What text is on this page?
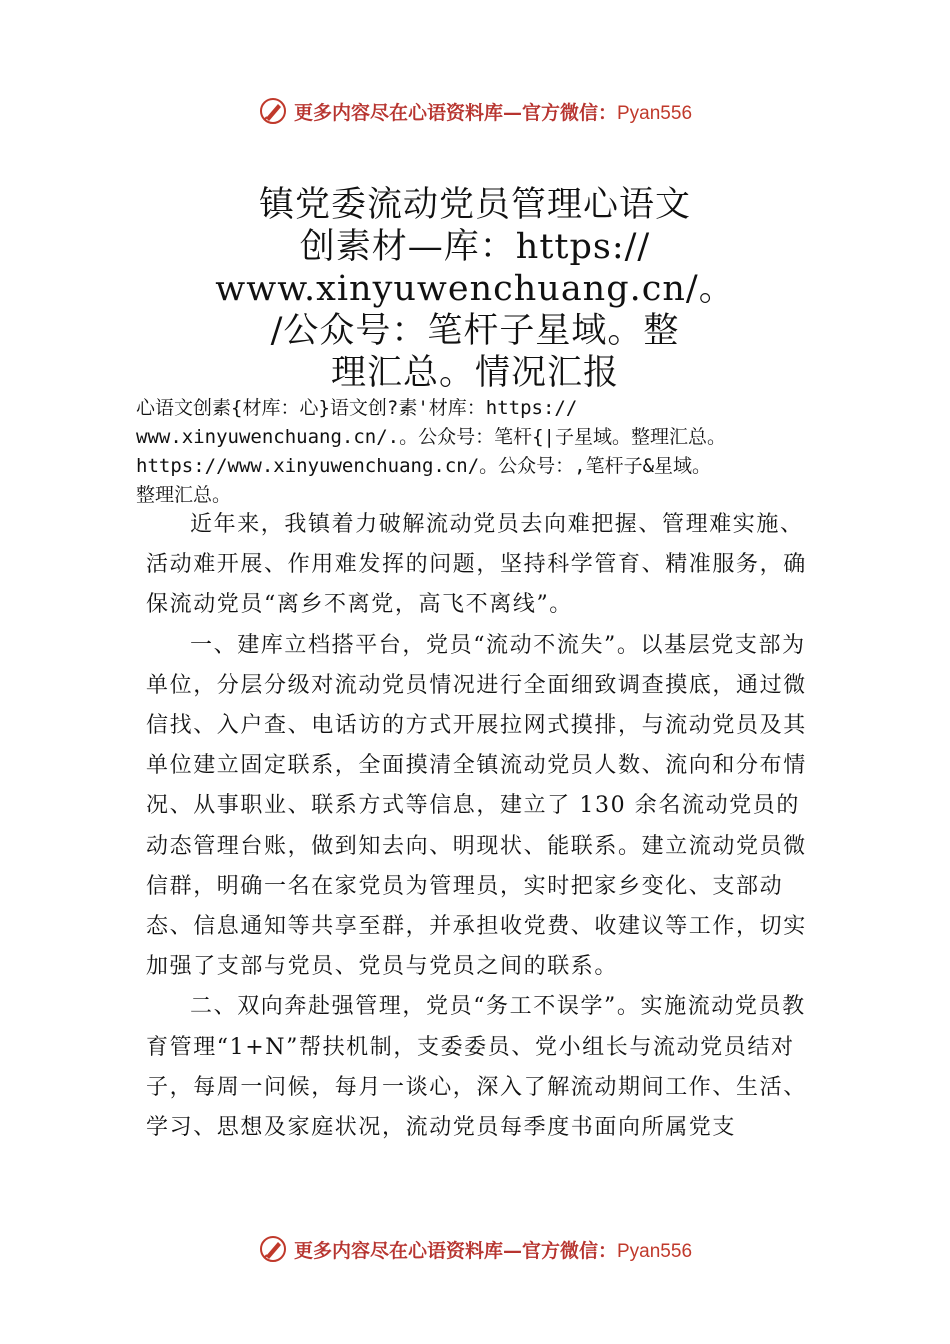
更多内容尽在心语资料库—官方微信：Pyan556
镇党委流动党员管理心语文
创素材—库：https://
www.xinyuwenchuang.cn/。
/公众号：笔杆子星域。整
理汇总。情况汇报
心语文创素{材库：心}语文创?素'材库：https://
www.xinyuwenchuang.cn/.。公众号：笔杆{|子星域。整理汇总。
https://www.xinyuwenchuang.cn/。公众号：,笔杆子&星域。
整理汇总。

近年来，我镇着力破解流动党员去向难把握、管理难实施、活动难开展、作用难发挥的问题，坚持科学管育、精准服务，确保流动党员“离乡不离党，高飞不离线”。

一、建库立档搭平台，党员“流动不流失”。以基层党支部为单位，分层分级对流动党员情况进行全面细致调查摸底，通过微信找、入户查、电话访的方式开展拉网式摸排，与流动党员及其单位建立固定联系，全面摸清全镇流动党员人数、流向和分布情况、从事职业、联系方式等信息，建立了 130 余名流动党员的动态管理台账，做到知去向、明现状、能联系。建立流动党员微信群，明确一名在家党员为管理员，实时把家乡变化、支部动态、信息通知等共享至群，并承担收党费、收建议等工作，切实加强了支部与党员、党员与党员之间的联系。

二、双向奔赴强管理，党员“务工不误学”。实施流动党员教育管理“1+N”帮扶机制，支委委员、党小组长与流动党员结对子，每周一问候，每月一谈心，深入了解流动期间工作、生活、学习、思想及家庭状况，流动党员每季度书面向所属党支

更多内容尽在心语资料库—官方微信：Pyan556
